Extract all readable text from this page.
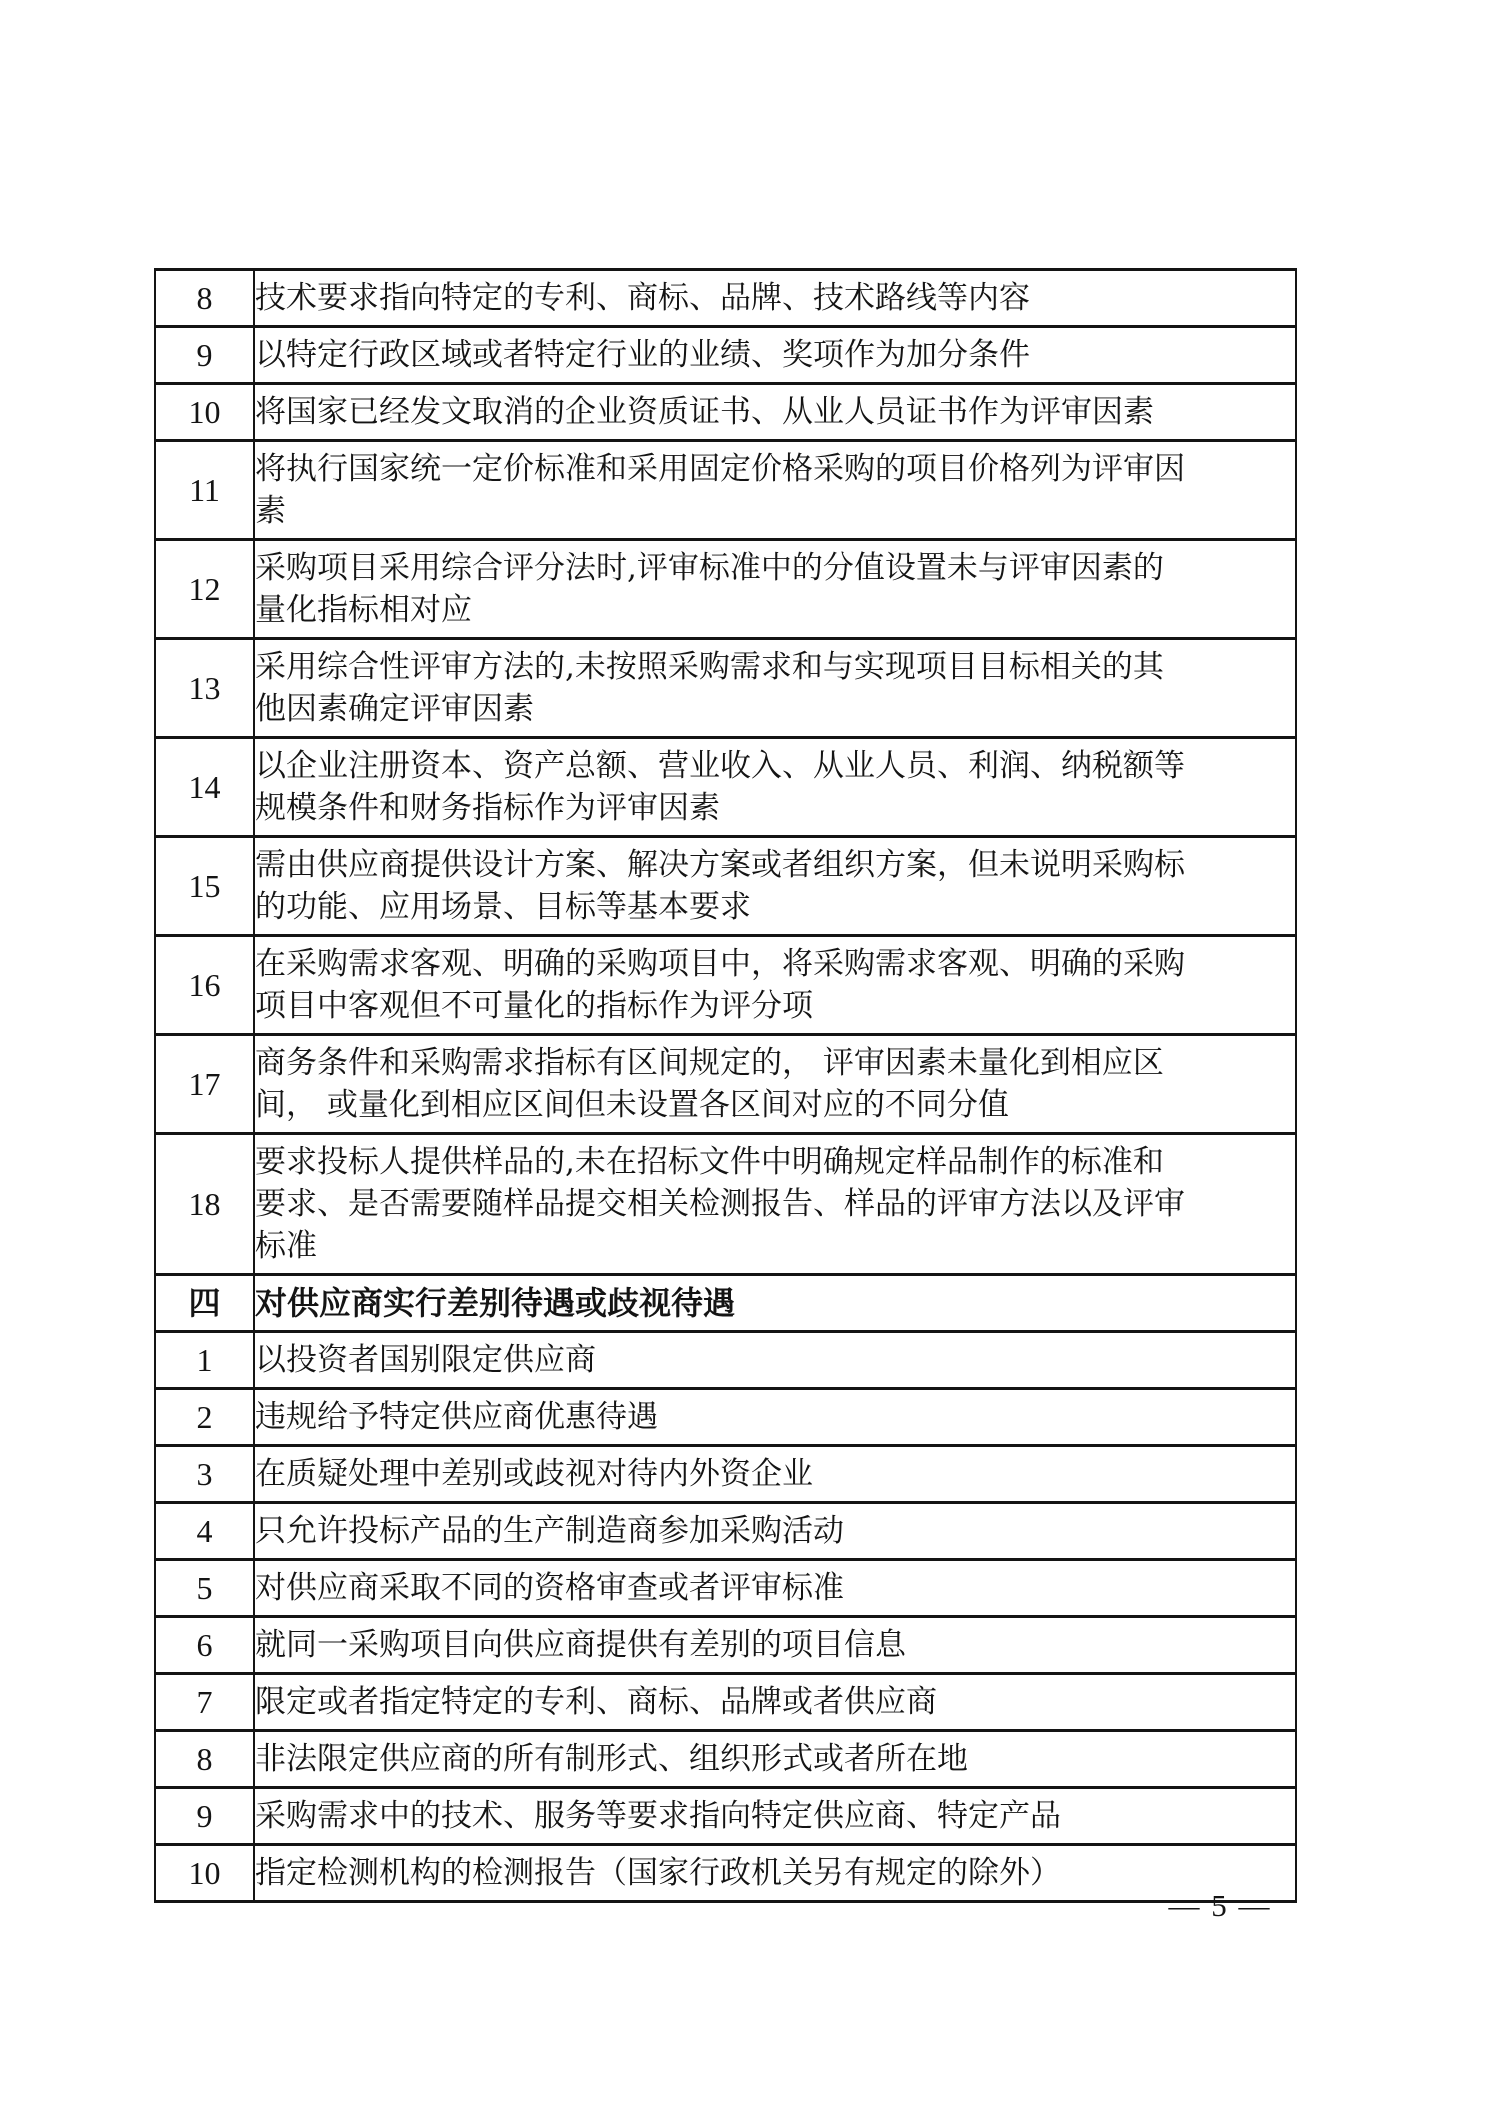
8	技术要求指向特定的专利、商标、品牌、技术路线等内容

9	以特定行政区域或者特定行业的业绩、奖项作为加分条件

10	将国家已经发文取消的企业资质证书、从业人员证书作为评审因素

11	将执行国家统一定价标准和采用固定价格采购的项目价格列为评审因素

12	采购项目采用综合评分法时,评审标准中的分值设置未与评审因素的量化指标相对应

13	采用综合性评审方法的,未按照采购需求和与实现项目目标相关的其他因素确定评审因素

14	以企业注册资本、资产总额、营业收入、从业人员、利润、纳税额等规模条件和财务指标作为评审因素

15	需由供应商提供设计方案、解决方案或者组织方案，但未说明采购标的功能、应用场景、目标等基本要求

16	在采购需求客观、明确的采购项目中，将采购需求客观、明确的采购项目中客观但不可量化的指标作为评分项

17	商务条件和采购需求指标有区间规定的， 评审因素未量化到相应区间， 或量化到相应区间但未设置各区间对应的不同分值

18	要求投标人提供样品的,未在招标文件中明确规定样品制作的标准和要求、是否需要随样品提交相关检测报告、样品的评审方法以及评审标准

四	对供应商实行差别待遇或歧视待遇

1	以投资者国别限定供应商

2	违规给予特定供应商优惠待遇

3	在质疑处理中差别或歧视对待内外资企业

4	只允许投标产品的生产制造商参加采购活动

5	对供应商采取不同的资格审查或者评审标准

6	就同一采购项目向供应商提供有差别的项目信息

7	限定或者指定特定的专利、商标、品牌或者供应商

8	非法限定供应商的所有制形式、组织形式或者所在地

9	采购需求中的技术、服务等要求指向特定供应商、特定产品

10	指定检测机构的检测报告（国家行政机关另有规定的除外）
— 5 —
